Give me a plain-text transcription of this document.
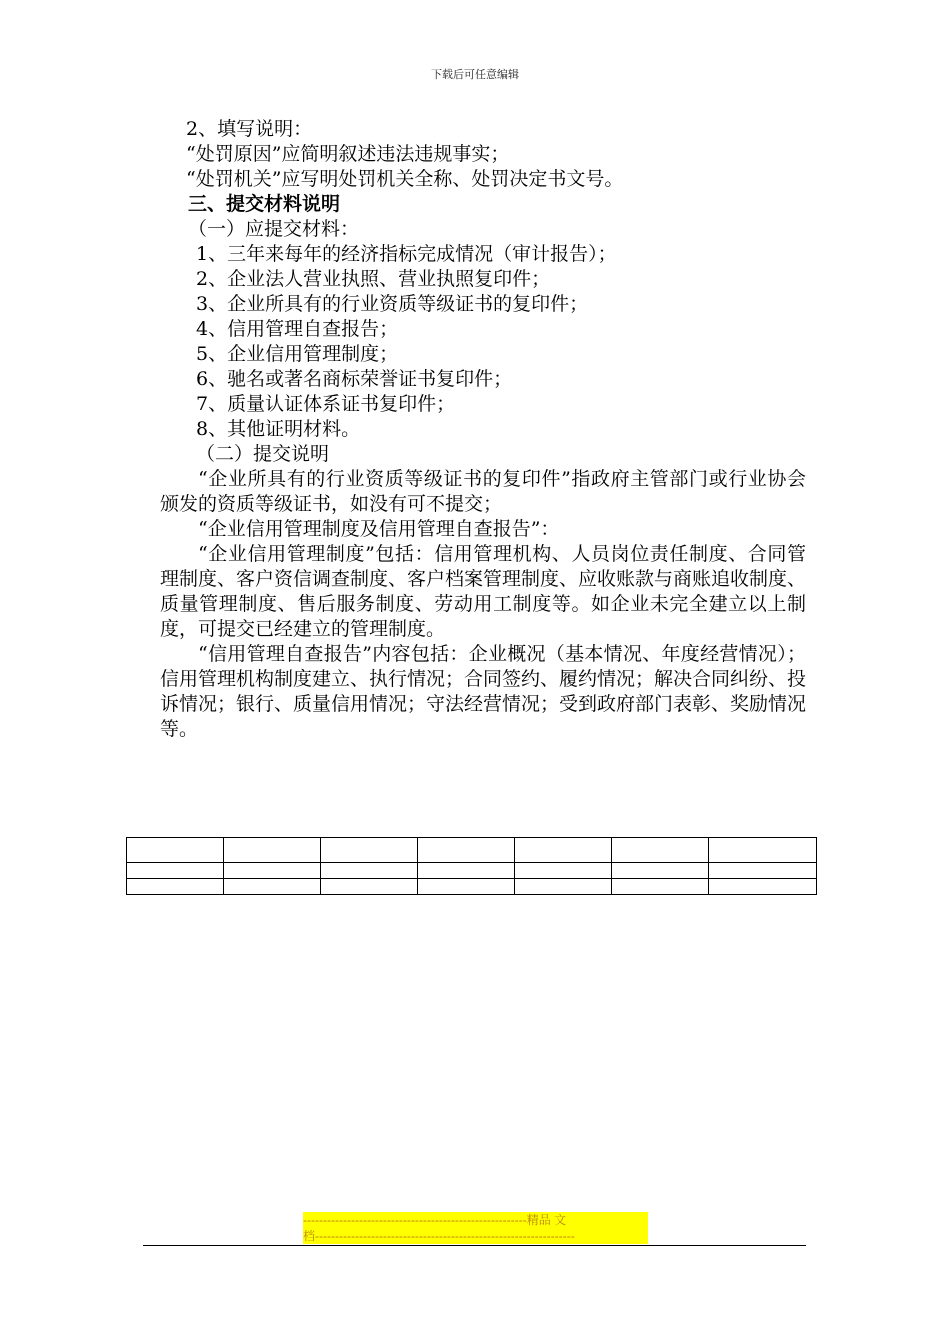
下载后可任意编辑
2、填写说明：
“处罚原因”应简明叙述违法违规事实；
“处罚机关”应写明处罚机关全称、处罚决定书文号。
三、提交材料说明
（一）应提交材料：
1、三年来每年的经济指标完成情况（审计报告）；
2、企业法人营业执照、营业执照复印件；
3、企业所具有的行业资质等级证书的复印件；
4、信用管理自查报告；
5、企业信用管理制度；
6、驰名或著名商标荣誉证书复印件；
7、质量认证体系证书复印件；
8、其他证明材料。
（二）提交说明
“企业所具有的行业资质等级证书的复印件”指政府主管部门或行业协会颁发的资质等级证书，如没有可不提交；
“企业信用管理制度及信用管理自查报告”：
“企业信用管理制度”包括：信用管理机构、人员岗位责任制度、合同管理制度、客户资信调查制度、客户档案管理制度、应收账款与商账追收制度、质量管理制度、售后服务制度、劳动用工制度等。如企业未完全建立以上制度，可提交已经建立的管理制度。
“信用管理自查报告”内容包括：企业概况（基本情况、年度经营情况）；信用管理机构制度建立、执行情况；合同签约、履约情况；解决合同纠纷、投诉情况；银行、质量信用情况；守法经营情况；受到政府部门表彰、奖励情况等。

--------------------------------------------------------精品 文
档-----------------------------------------------------------------
